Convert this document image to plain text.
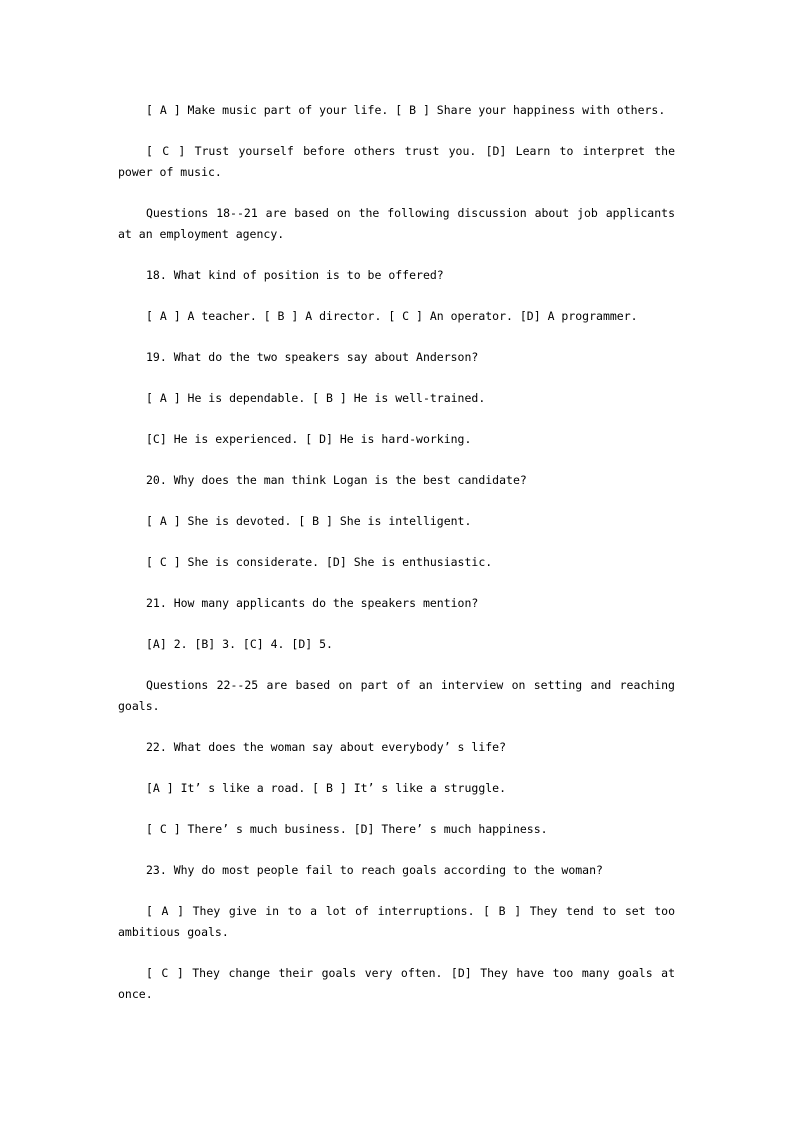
[ A ] Make music part of your life. [ B ] Share your happiness with others.

[ C ] Trust yourself before others trust you. [D] Learn to interpret the power of music.

Questions 18--21 are based on the following discussion about job applicants at an employment agency.

18. What kind of position is to be offered?

[ A ] A teacher. [ B ] A director. [ C ] An operator. [D] A programmer.

19. What do the two speakers say about Anderson?

[ A ] He is dependable. [ B ] He is well-trained.

[C] He is experienced. [ D] He is hard-working.

20. Why does the man think Logan is the best candidate?

[ A ] She is devoted. [ B ] She is intelligent.

[ C ] She is considerate. [D] She is enthusiastic.

21. How many applicants do the speakers mention?

[A] 2. [B] 3. [C] 4. [D] 5.

Questions 22--25 are based on part of an interview on setting and reaching goals.

22. What does the woman say about everybody’ s life?

[A ] It’ s like a road. [ B ] It’ s like a struggle.

[ C ] There’ s much business. [D] There’ s much happiness.

23. Why do most people fail to reach goals according to the woman?

[ A ] They give in to a lot of interruptions. [ B ] They tend to set too ambitious goals.

[ C ] They change their goals very often. [D] They have too many goals at once.
